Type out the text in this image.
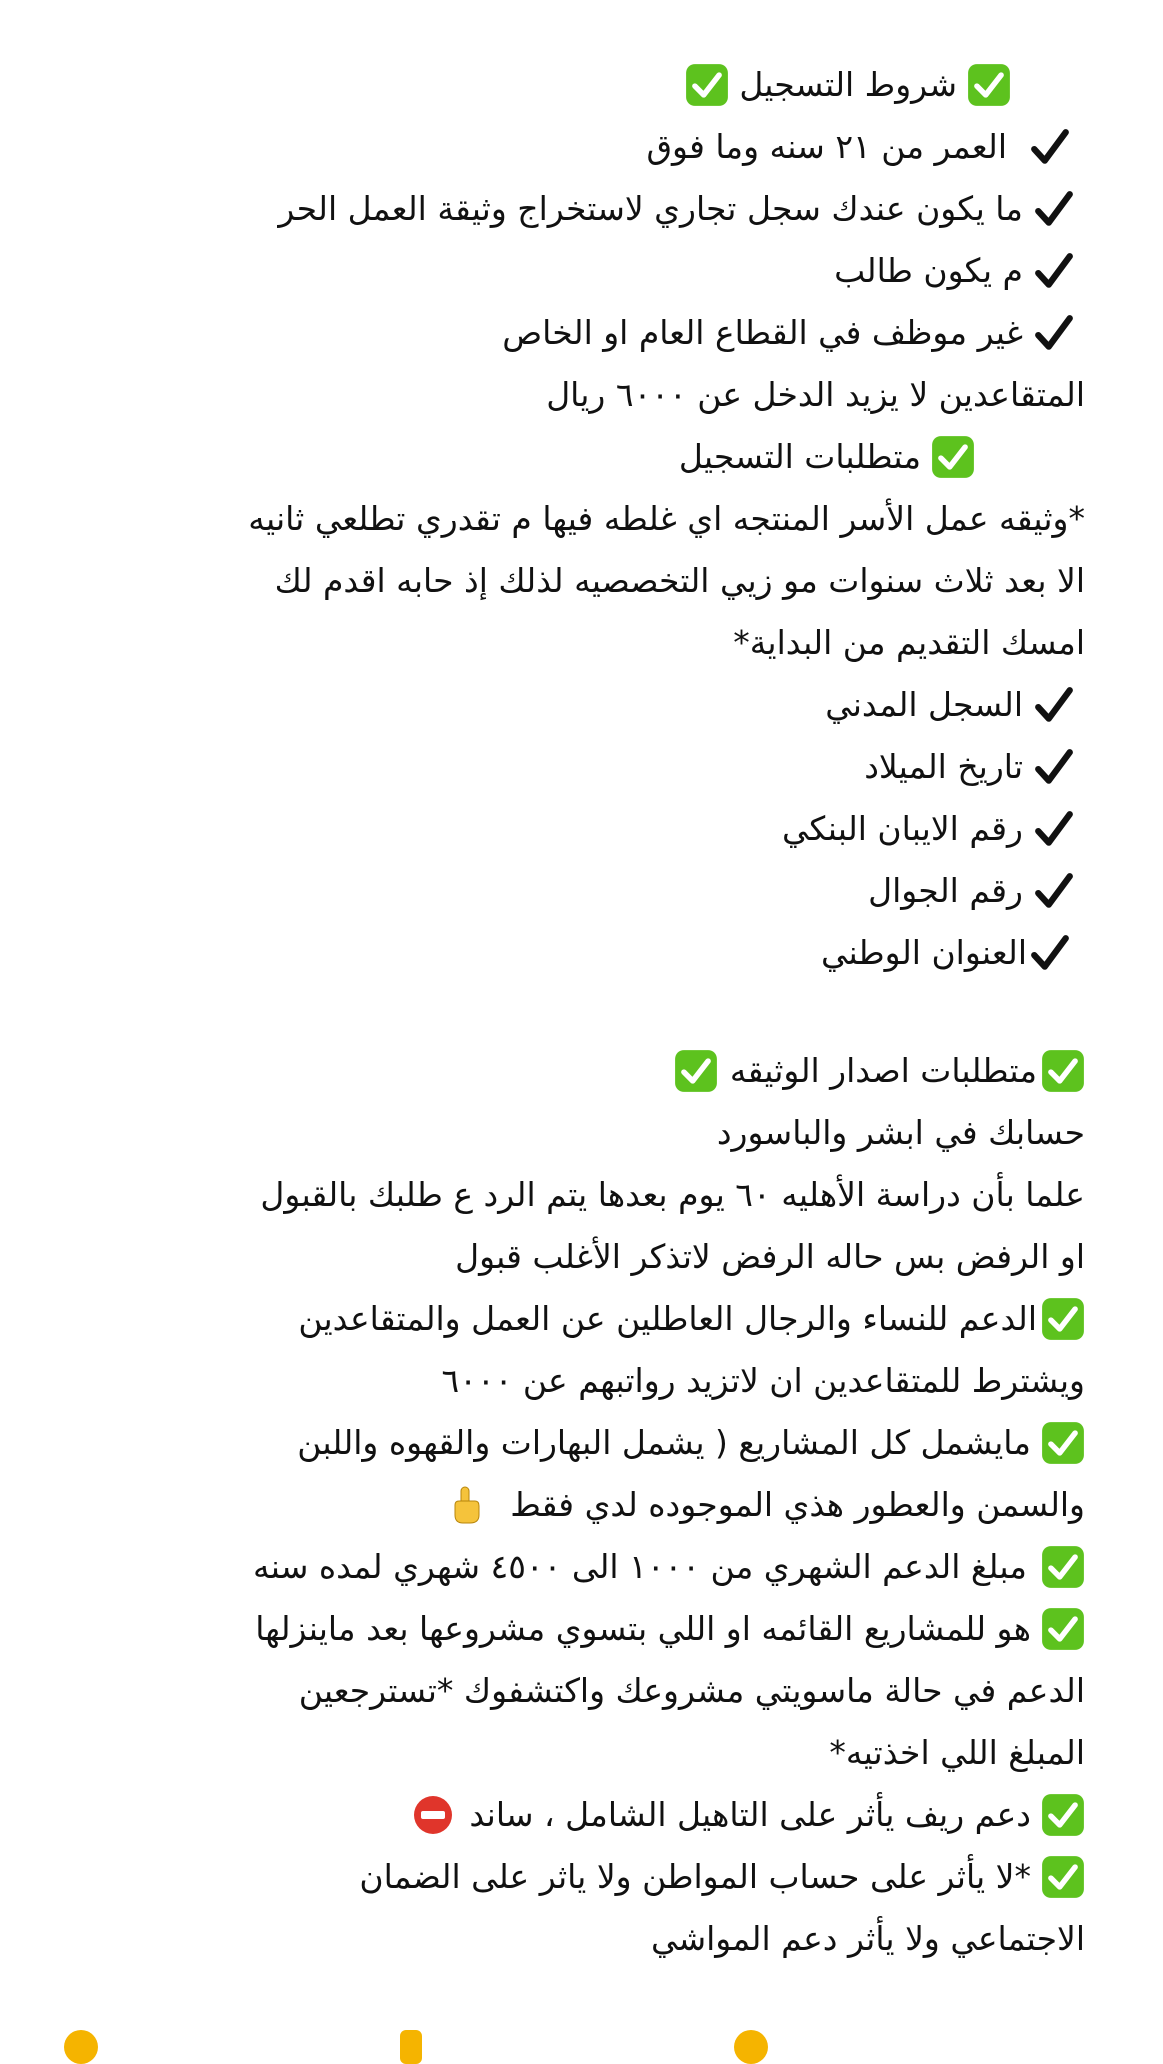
شروط التسجيل
العمر من ٢١ سنه وما فوق
ما يكون عندك سجل تجاري لاستخراج وثيقة العمل الحر
م يكون طالب
غير موظف في القطاع العام او الخاص
المتقاعدين لا يزيد الدخل عن ٦٠٠٠ ريال
متطلبات التسجيل
*وثيقه عمل الأسر المنتجه اي غلطه فيها م تقدري تطلعي ثانيه
الا بعد ثلاث سنوات مو زيي التخصصيه لذلك إذ حابه اقدم لك
امسك التقديم من البداية*
السجل المدني
تاريخ الميلاد
رقم الايبان البنكي
رقم الجوال
العنوان الوطني
متطلبات اصدار الوثيقه
حسابك في ابشر والباسورد
علما بأن دراسة الأهليه ٦٠ يوم بعدها يتم الرد ع طلبك بالقبول
او الرفض بس حاله الرفض لاتذكر الأغلب قبول
الدعم للنساء والرجال العاطلين عن العمل والمتقاعدين
ويشترط للمتقاعدين ان لاتزيد رواتبهم عن ٦٠٠٠
مايشمل كل المشاريع ( يشمل البهارات والقهوه واللبن
والسمن والعطور هذي الموجوده لدي فقط
مبلغ الدعم الشهري من ١٠٠٠ الى ٤٥٠٠ شهري لمده سنه
هو للمشاريع القائمه او اللي بتسوي مشروعها بعد ماينزلها
الدعم في حالة ماسويتي مشروعك واكتشفوك *تسترجعين
المبلغ اللي اخذتيه*
دعم ريف يأثر على التاهيل الشامل ، ساند
*لا يأثر على حساب المواطن ولا ياثر على الضمان
الاجتماعي ولا يأثر دعم المواشي
